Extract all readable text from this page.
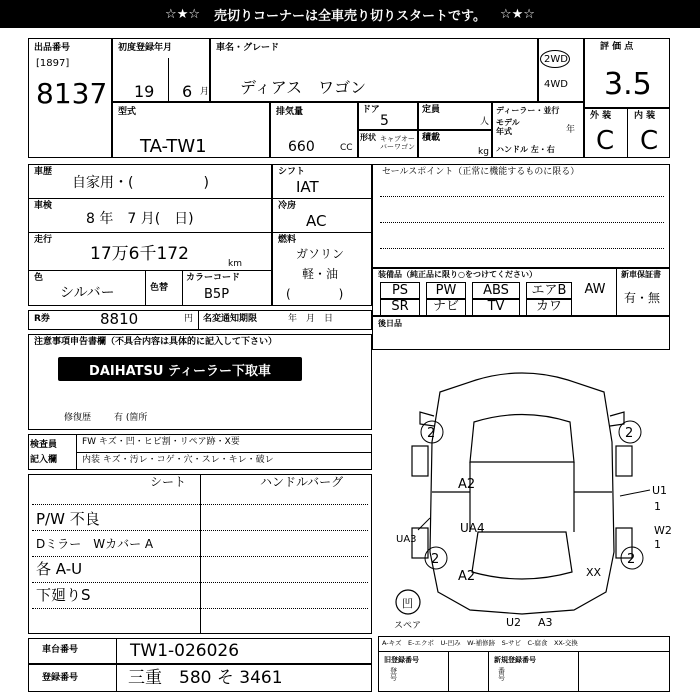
☆★☆ 売切りコーナーは全車売り切りスタートです。 ☆★☆
出品番号
[1897]
8137
初度登録年月
19 6 月
車名・グレード
ディアス　ワゴン
2WD
4WD
評 価 点
3.5
型式
TA-TW1
排気量
660	CC
ドア
5
定員
人
ディーラー・並行
モデル
年式	年
ハンドル 左・右
形状 キャブオーバーワゴン
積載
kg
外 装	内 装
C C
車歴
自家用・(　　　　　)
車検
8 年　7 月(　日)
走行
17万6千172	km
色
シルバー	色替
カラーコード
B5P
シフト
IAT
冷房
AC
燃料
ガソリン
軽・油
(　　　　)
セールスポイント（正常に機能するものに限る）
装備品（純正品に限り○をつけてください）	新車保証書
PS	PW	ABS	エアB	AW
SR	ナビ	TV	カワ
有・無
R券	8810	円 名変通知期限	年　月　日	後日品
注意事項申告書欄（不具合内容は具体的に記入して下さい）
DAIHATSU ティーラー下取車
修復歴	有 (箇所
検査員
記入欄
FW キズ・凹・ヒビ割・リペア跡・X要
内装 キズ・汚レ・コゲ・穴・スレ・キレ・破レ
シート	ハンドルバーグ
P/W 不良
Dミラー　Wカバー A
各 A-U
下廻りS
2	2
2	2
A2	U1
1
UA3
UA4	W2
1
A2	XX
U2 A3
凹
スペア
A-キズ　E-エクボ　U-凹み　W-補修跡　S-サビ　C-腐食　XX-交換
旧登録番号	新規登録番号
登
号
番
号
車台番号	TW1-026026
登録番号	三重　580 そ 3461
